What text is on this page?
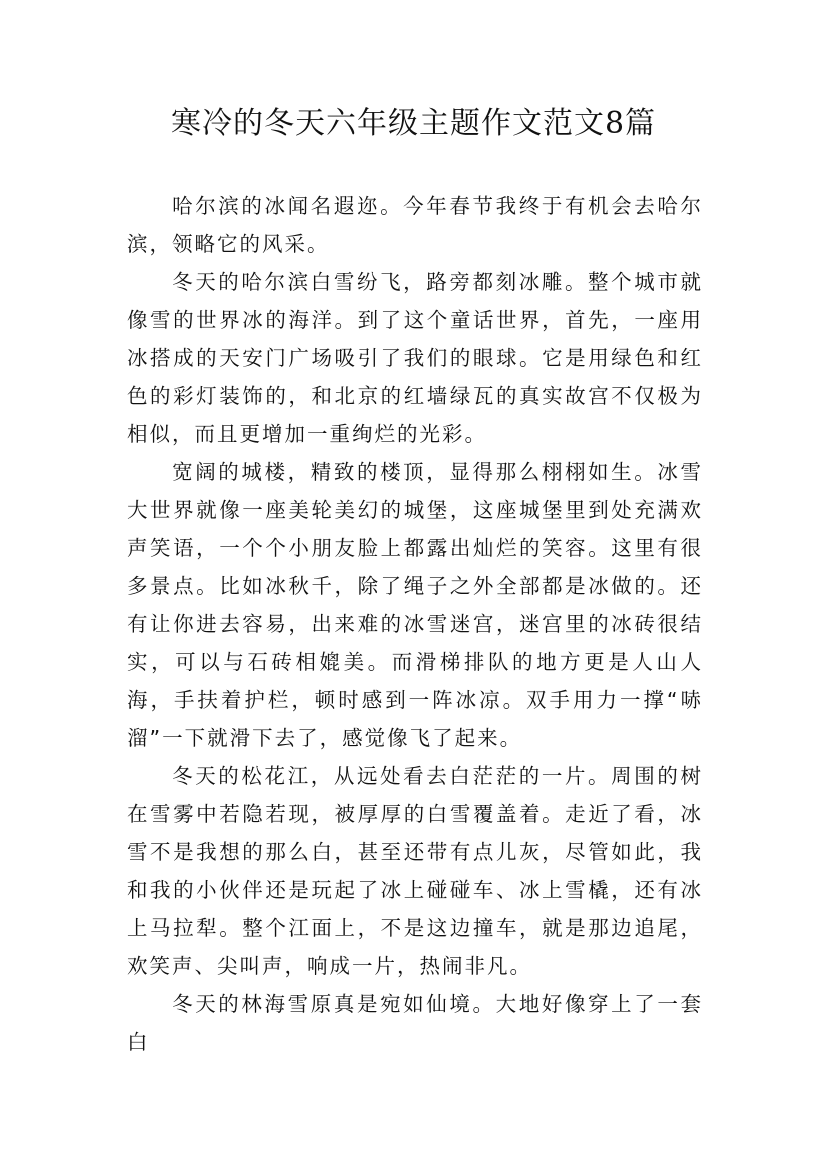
寒冷的冬天六年级主题作文范文8篇

哈尔滨的冰闻名遐迩。今年春节我终于有机会去哈尔滨，领略它的风采。

冬天的哈尔滨白雪纷飞，路旁都刻冰雕。整个城市就像雪的世界冰的海洋。到了这个童话世界，首先，一座用冰搭成的天安门广场吸引了我们的眼球。它是用绿色和红色的彩灯装饰的，和北京的红墙绿瓦的真实故宫不仅极为相似，而且更增加一重绚烂的光彩。

宽阔的城楼，精致的楼顶，显得那么栩栩如生。冰雪大世界就像一座美轮美幻的城堡，这座城堡里到处充满欢声笑语，一个个小朋友脸上都露出灿烂的笑容。这里有很多景点。比如冰秋千，除了绳子之外全部都是冰做的。还有让你进去容易，出来难的冰雪迷宫，迷宫里的冰砖很结实，可以与石砖相媲美。而滑梯排队的地方更是人山人海，手扶着护栏，顿时感到一阵冰凉。双手用力一撑“哧溜”一下就滑下去了，感觉像飞了起来。

冬天的松花江，从远处看去白茫茫的一片。周围的树在雪雾中若隐若现，被厚厚的白雪覆盖着。走近了看，冰雪不是我想的那么白，甚至还带有点儿灰，尽管如此，我和我的小伙伴还是玩起了冰上碰碰车、冰上雪橇，还有冰上马拉犁。整个江面上，不是这边撞车，就是那边追尾，欢笑声、尖叫声，响成一片，热闹非凡。

冬天的林海雪原真是宛如仙境。大地好像穿上了一套白
